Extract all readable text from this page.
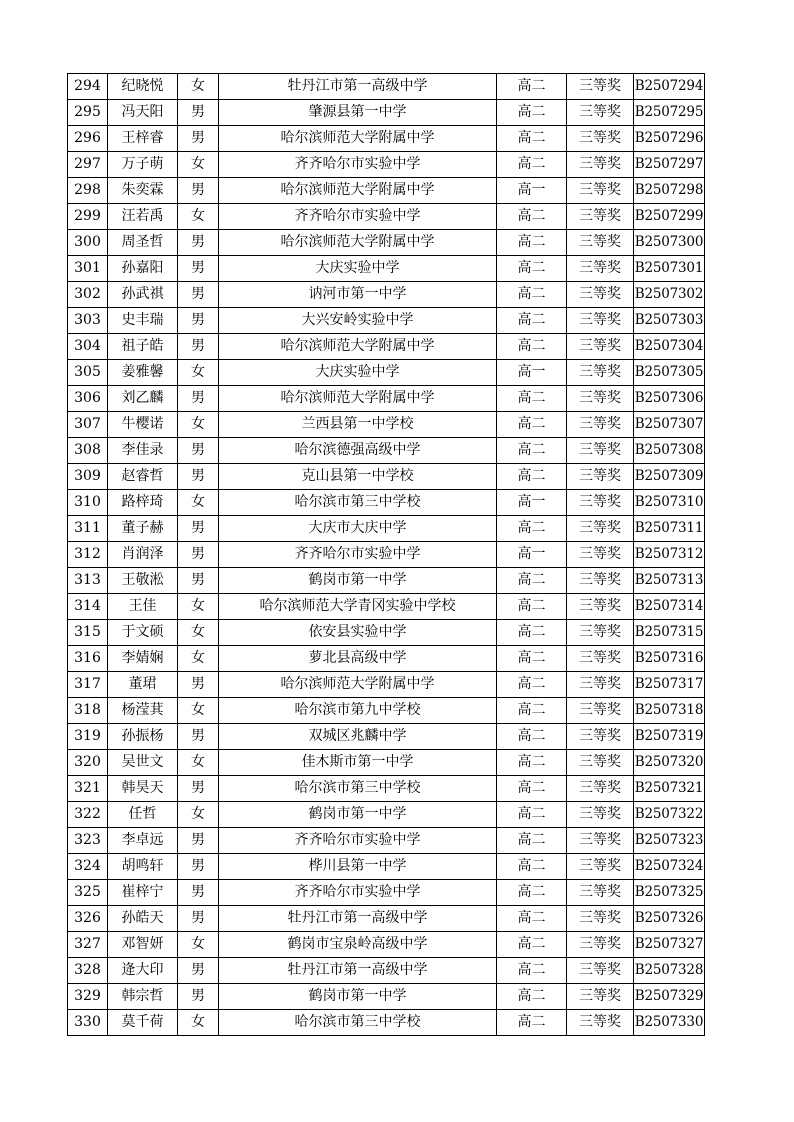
294	纪晓悦	女	牡丹江市第一高级中学	高二	三等奖	B2507294
295	冯天阳	男	肇源县第一中学	高二	三等奖	B2507295
296	王梓睿	男	哈尔滨师范大学附属中学	高二	三等奖	B2507296
297	万子萌	女	齐齐哈尔市实验中学	高二	三等奖	B2507297
298	朱奕霖	男	哈尔滨师范大学附属中学	高一	三等奖	B2507298
299	汪若禹	女	齐齐哈尔市实验中学	高二	三等奖	B2507299
300	周圣哲	男	哈尔滨师范大学附属中学	高二	三等奖	B2507300
301	孙嘉阳	男	大庆实验中学	高二	三等奖	B2507301
302	孙武祺	男	讷河市第一中学	高二	三等奖	B2507302
303	史丰瑞	男	大兴安岭实验中学	高二	三等奖	B2507303
304	祖子皓	男	哈尔滨师范大学附属中学	高二	三等奖	B2507304
305	姜雅馨	女	大庆实验中学	高一	三等奖	B2507305
306	刘乙麟	男	哈尔滨师范大学附属中学	高二	三等奖	B2507306
307	牛樱诺	女	兰西县第一中学校	高二	三等奖	B2507307
308	李佳录	男	哈尔滨德强高级中学	高二	三等奖	B2507308
309	赵睿哲	男	克山县第一中学校	高二	三等奖	B2507309
310	路梓琦	女	哈尔滨市第三中学校	高一	三等奖	B2507310
311	董子赫	男	大庆市大庆中学	高二	三等奖	B2507311
312	肖润泽	男	齐齐哈尔市实验中学	高一	三等奖	B2507312
313	王敬淞	男	鹤岗市第一中学	高二	三等奖	B2507313
314	王佳	女	哈尔滨师范大学青冈实验中学校	高二	三等奖	B2507314
315	于文硕	女	依安县实验中学	高二	三等奖	B2507315
316	李婧娴	女	萝北县高级中学	高二	三等奖	B2507316
317	董珺	男	哈尔滨师范大学附属中学	高二	三等奖	B2507317
318	杨滢萁	女	哈尔滨市第九中学校	高二	三等奖	B2507318
319	孙振杨	男	双城区兆麟中学	高二	三等奖	B2507319
320	吴世文	女	佳木斯市第一中学	高二	三等奖	B2507320
321	韩昊天	男	哈尔滨市第三中学校	高二	三等奖	B2507321
322	任哲	女	鹤岗市第一中学	高二	三等奖	B2507322
323	李卓远	男	齐齐哈尔市实验中学	高二	三等奖	B2507323
324	胡鸣轩	男	桦川县第一中学	高二	三等奖	B2507324
325	崔梓宁	男	齐齐哈尔市实验中学	高二	三等奖	B2507325
326	孙皓天	男	牡丹江市第一高级中学	高二	三等奖	B2507326
327	邓智妍	女	鹤岗市宝泉岭高级中学	高二	三等奖	B2507327
328	逄大印	男	牡丹江市第一高级中学	高二	三等奖	B2507328
329	韩宗哲	男	鹤岗市第一中学	高二	三等奖	B2507329
330	莫千荷	女	哈尔滨市第三中学校	高二	三等奖	B2507330
